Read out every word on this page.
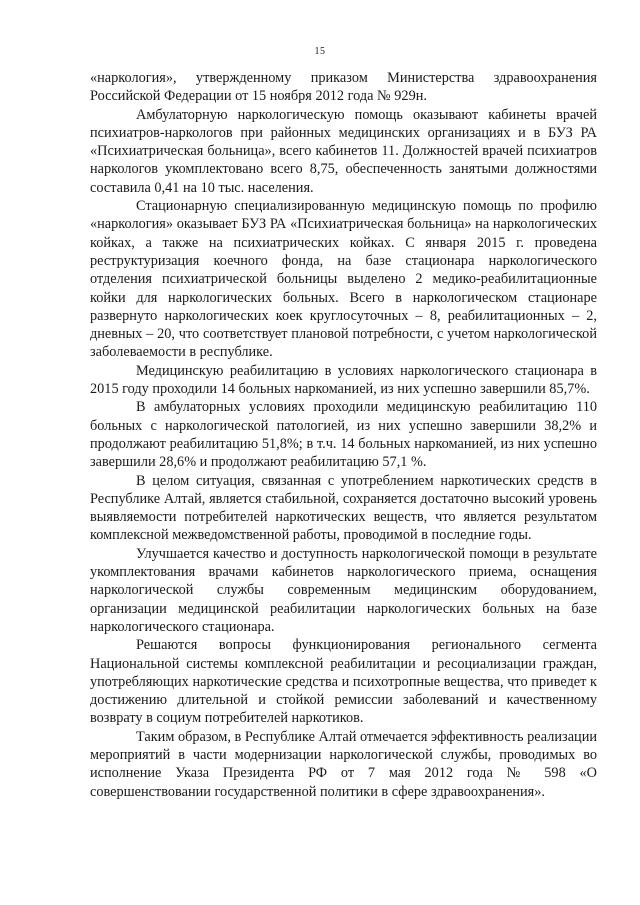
15

«наркология», утвержденному приказом Министерства здравоохранения Российской Федерации от 15 ноября 2012 года № 929н.

Амбулаторную наркологическую помощь оказывают кабинеты врачей психиатров-наркологов при районных медицинских организациях и в БУЗ РА «Психиатрическая больница», всего кабинетов 11. Должностей врачей психиатров наркологов укомплектовано всего 8,75, обеспеченность занятыми должностями составила 0,41 на 10 тыс. населения.

Стационарную специализированную медицинскую помощь по профилю «наркология» оказывает БУЗ РА «Психиатрическая больница» на наркологических койках, а также на психиатрических койках. С января 2015 г. проведена реструктуризация коечного фонда, на базе стационара наркологического отделения психиатрической больницы выделено 2 медико-реабилитационные койки для наркологических больных. Всего в наркологическом стационаре развернуто наркологических коек круглосуточных – 8, реабилитационных – 2, дневных – 20, что соответствует плановой потребности, с учетом наркологической заболеваемости в республике.

Медицинскую реабилитацию в условиях наркологического стационара в 2015 году проходили 14 больных наркоманией, из них успешно завершили 85,7%.

В амбулаторных условиях проходили медицинскую реабилитацию 110 больных с наркологической патологией, из них успешно завершили 38,2% и продолжают реабилитацию 51,8%; в т.ч. 14 больных наркоманией, из них успешно завершили 28,6% и продолжают реабилитацию 57,1 %.

В целом ситуация, связанная с употреблением наркотических средств в Республике Алтай, является стабильной, сохраняется достаточно высокий уровень выявляемости потребителей наркотических веществ, что является результатом комплексной межведомственной работы, проводимой в последние годы.

Улучшается качество и доступность наркологической помощи в результате укомплектования врачами кабинетов наркологического приема, оснащения наркологической службы современным медицинским оборудованием, организации медицинской реабилитации наркологических больных на базе наркологического стационара.

Решаются вопросы функционирования регионального сегмента Национальной системы комплексной реабилитации и ресоциализации граждан, употребляющих наркотические средства и психотропные вещества, что приведет к достижению длительной и стойкой ремиссии заболеваний и качественному возврату в социум потребителей наркотиков.

Таким образом, в Республике Алтай отмечается эффективность реализации мероприятий в части модернизации наркологической службы, проводимых во исполнение Указа Президента РФ от 7 мая 2012 года № 598 «О совершенствовании государственной политики в сфере здравоохранения».
